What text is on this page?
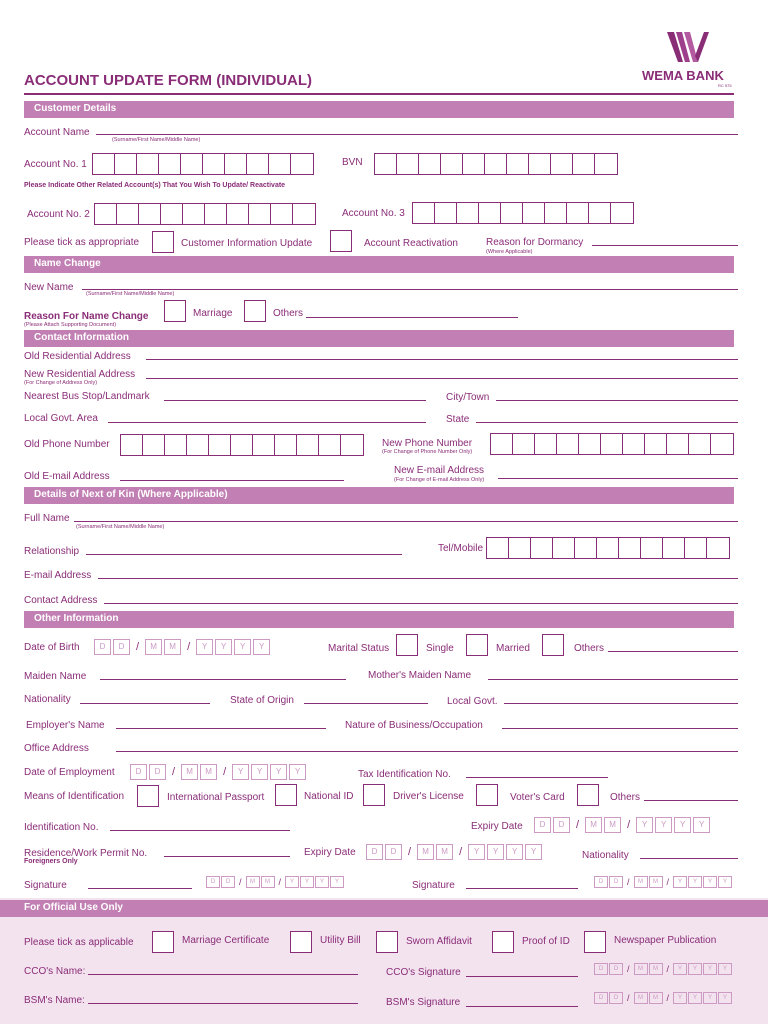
ACCOUNT UPDATE FORM (INDIVIDUAL)	WEMA BANK
RC 575
Customer Details
Account Name
(Surname/First Name/Middle Name)
Account No. 1	BVN
Please Indicate Other Related Account(s) That You Wish To Update/ Reactivate
Account No. 2	Account No. 3
Please tick as appropriate	Customer Information Update	Account Reactivation	Reason for Dormancy
(Where Applicable)
Name Change
New Name
(Surname/First Name/Middle Name)
Reason For Name Change
(Please Attach Supporting Document)
Marriage	Others
Contact Information
Old Residential Address
New Residential Address
(For Change of Address Only)
Nearest Bus Stop/Landmark	City/Town
Local Govt. Area	State
Old Phone Number	New Phone Number
(For Change of Phone Number Only)
Old E-mail Address
New E-mail Address
(For Change of E-mail Address Only)
Details of Next of Kin (Where Applicable)
Full Name
(Surname/First Name/Middle Name)
Relationship	Tel/Mobile
E-mail Address
Contact Address
Other Information
Date of Birth	D	D	/	M	M	/	Y	Y	Y	Y	Marital Status	Single	Married	Others
Maiden Name	Mother's Maiden Name
Nationality	State of Origin	Local Govt.
Employer's Name	Nature of Business/Occupation
Office Address
Date of Employment	D	D	/	M	M	/	Y	Y	Y	Y	Tax Identification No.
Means of Identification	International Passport	National ID	Driver's License	Voter's Card	Others
Identification No.	Expiry Date	D	D	/	M	M	/	Y	Y	Y	Y
Residence/Work Permit No.
Foreigners Only
Expiry Date	D	D	/	M	M	/	Y	Y	Y	Y	Nationality
Signature	D	D /	M	M /	Y	Y	Y	Y	Signature	D	D /	M	M /	Y	Y	Y	Y
For Official Use Only
Please tick as applicable	Marriage Certificate	Utility Bill	Sworn Affidavit	Proof of ID	Newspaper Publication
CCO's Name:	CCO's Signature	D	D /	M	M /	Y	Y	Y	Y
BSM's Name:	BSM's Signature	D	D /	M	M /	Y	Y	Y	Y
